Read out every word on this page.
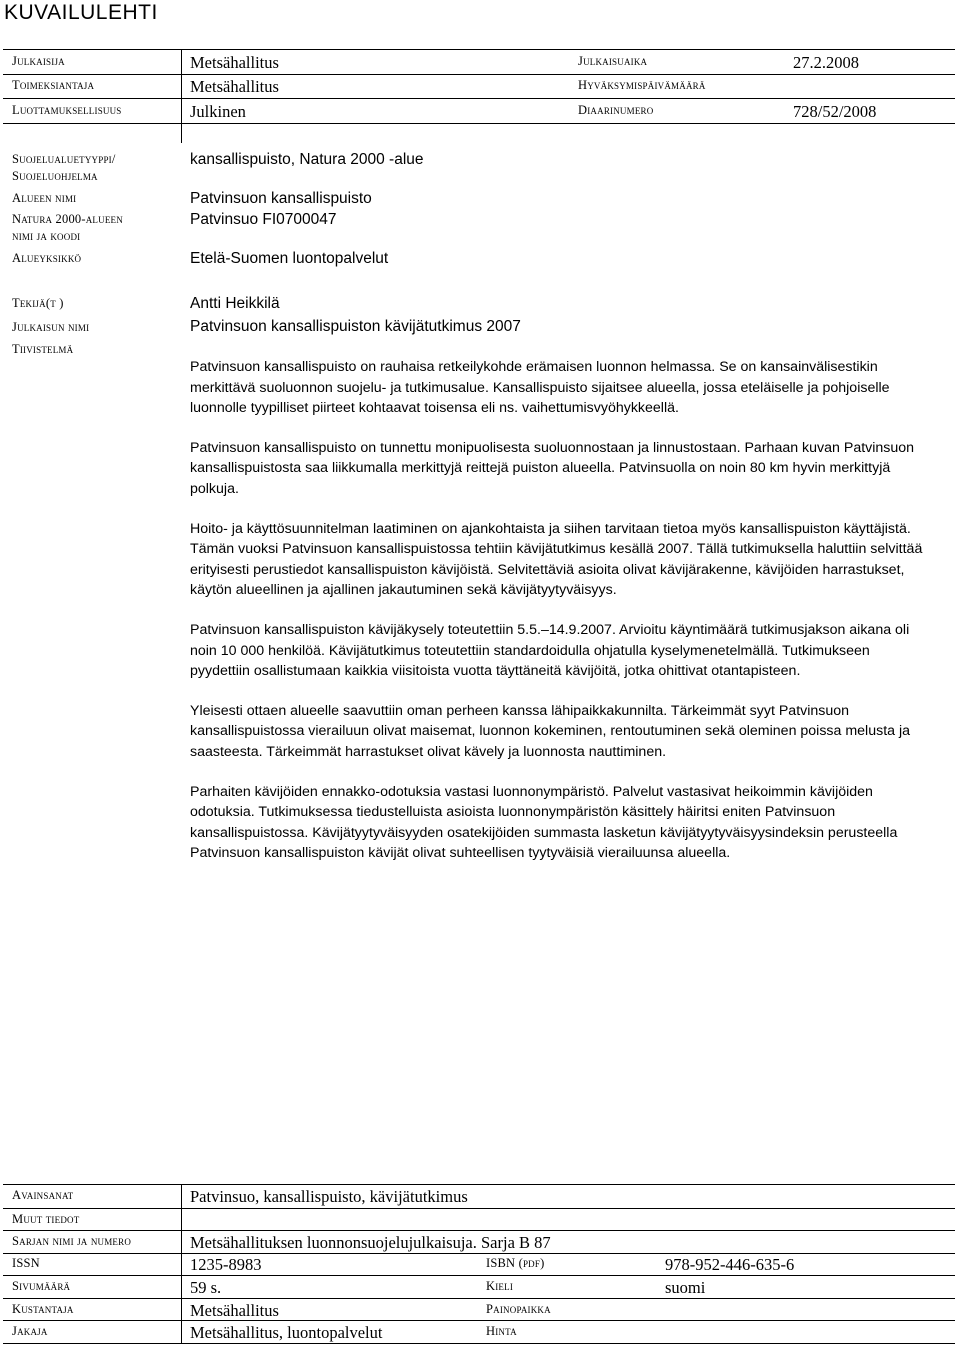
KUVAILULEHTI
Julkaisija	Metsähallitus	Julkaisuaika	27.2.2008
Toimeksiantaja	Metsähallitus	Hyväksymispäivämäärä
Luottamuksellisuus	Julkinen	Diaarinumero	728/52/2008
Suojelualuetyyppi/
Suojeluohjelma
kansallispuisto, Natura 2000 -alue
Alueen nimi	Patvinsuon kansallispuisto
Natura 2000-alueen
nimi ja koodi
Patvinsuo FI0700047
Alueyksikkö	Etelä-Suomen luontopalvelut
Tekijä(t )	Antti Heikkilä
Julkaisun nimi	Patvinsuon kansallispuiston kävijätutkimus 2007
Tiivistelmä

Patvinsuon kansallispuisto on rauhaisa retkeilykohde erämaisen luonnon helmassa. Se on kansainvälisestikin merkittävä suoluonnon suojelu- ja tutkimusalue. Kansallispuisto sijaitsee alueella, jossa eteläiselle ja pohjoiselle luonnolle tyypilliset piirteet kohtaavat toisensa eli ns. vaihettumisvyöhykkeellä.

Patvinsuon kansallispuisto on tunnettu monipuolisesta suoluonnostaan ja linnustostaan. Parhaan kuvan Patvinsuon kansallispuistosta saa liikkumalla merkittyjä reittejä puiston alueella. Patvinsuolla on noin 80 km hyvin merkittyjä polkuja.

Hoito- ja käyttösuunnitelman laatiminen on ajankohtaista ja siihen tarvitaan tietoa myös kansallispuiston käyttäjistä. Tämän vuoksi Patvinsuon kansallispuistossa tehtiin kävijätutkimus kesällä 2007. Tällä tutkimuksella haluttiin selvittää erityisesti perustiedot kansallispuiston kävijöistä. Selvitettäviä asioita olivat kävijärakenne, kävijöiden harrastukset, käytön alueellinen ja ajallinen jakautuminen sekä kävijätyytyväisyys.

Patvinsuon kansallispuiston kävijäkysely toteutettiin 5.5.–14.9.2007. Arvioitu käyntimäärä tutkimusjakson aikana oli noin 10 000 henkilöä. Kävijätutkimus toteutettiin standardoidulla ohjatulla kyselymenetelmällä. Tutkimukseen pyydettiin osallistumaan kaikkia viisitoista vuotta täyttäneitä kävijöitä, jotka ohittivat otantapisteen.

Yleisesti ottaen alueelle saavuttiin oman perheen kanssa lähipaikkakunnilta. Tärkeimmät syyt Patvinsuon kansallispuistossa vierailuun olivat maisemat, luonnon kokeminen, rentoutuminen sekä oleminen poissa melusta ja saasteesta. Tärkeimmät harrastukset olivat kävely ja luonnosta nauttiminen.

Parhaiten kävijöiden ennakko-odotuksia vastasi luonnonympäristö. Palvelut vastasivat heikoimmin kävijöiden odotuksia. Tutkimuksessa tiedustelluista asioista luonnonympäristön käsittely häiritsi eniten Patvinsuon kansallispuistossa. Kävijätyytyväisyyden osatekijöiden summasta lasketun kävijätyytyväisyysindeksin perusteella Patvinsuon kansallispuiston kävijät olivat suhteellisen tyytyväisiä vierailuunsa alueella.

Avainsanat	Patvinsuo, kansallispuisto, kävijätutkimus
Muut tiedot
Sarjan nimi ja numero	Metsähallituksen luonnonsuojelujulkaisuja. Sarja B 87
ISSN	1235-8983	ISBN (pdf)	978-952-446-635-6
Sivumäärä	59 s.	Kieli	suomi
Kustantaja	Metsähallitus	Painopaikka
Jakaja	Metsähallitus, luontopalvelut	Hinta
